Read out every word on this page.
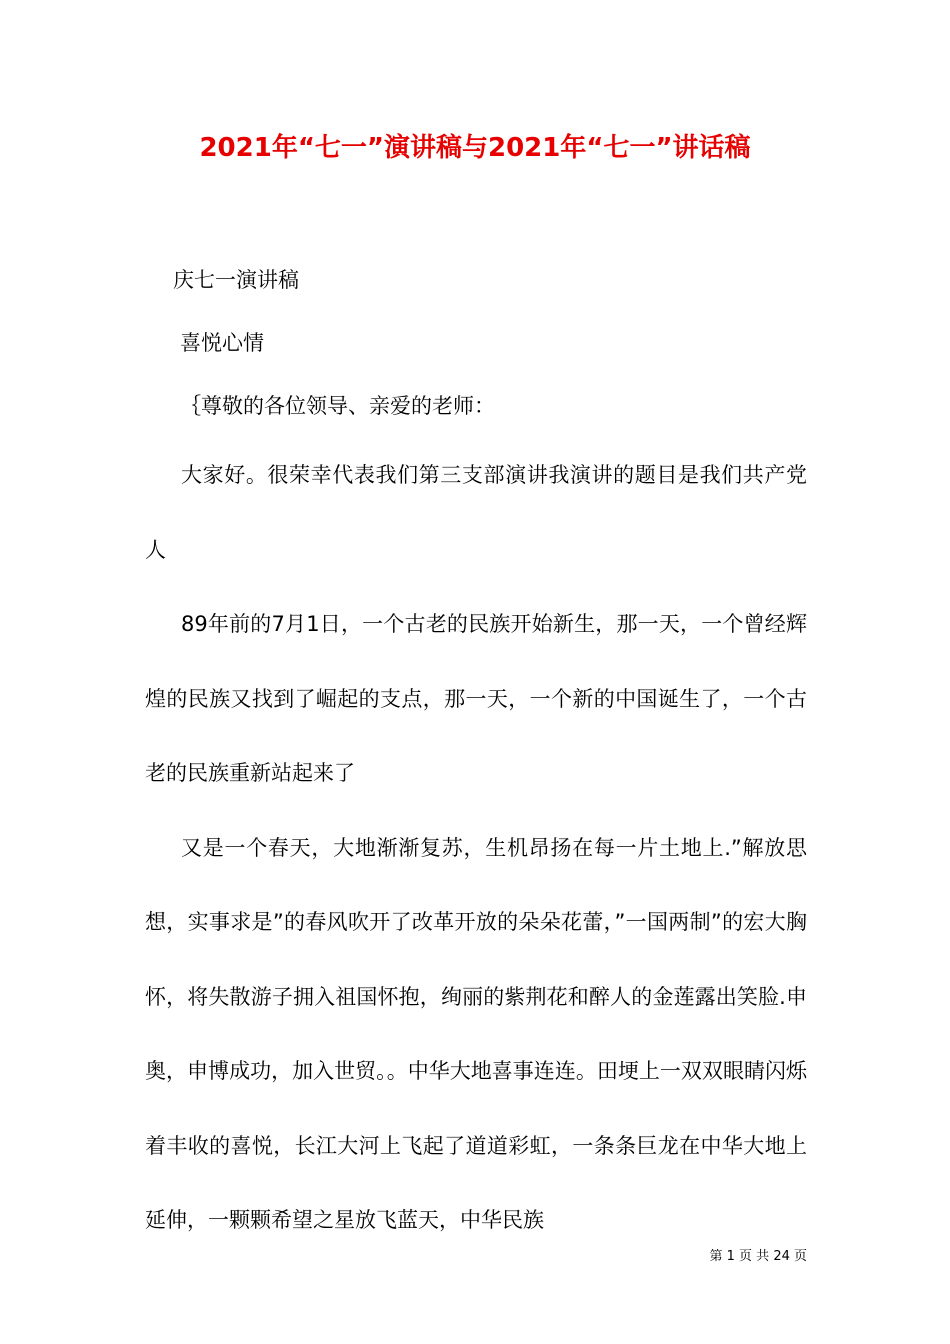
2021年“七一”演讲稿与2021年“七一”讲话稿

庆七一演讲稿

喜悦心情

｛尊敬的各位领导、亲爱的老师：

大家好。很荣幸代表我们第三支部演讲我演讲的题目是我们共产党人

89年前的7月1日，一个古老的民族开始新生，那一天，一个曾经辉煌的民族又找到了崛起的支点，那一天，一个新的中国诞生了，一个古老的民族重新站起来了

又是一个春天，大地渐渐复苏，生机昂扬在每一片土地上.”解放思想，实事求是”的春风吹开了改革开放的朵朵花蕾，”一国两制”的宏大胸怀，将失散游子拥入祖国怀抱，绚丽的紫荆花和醉人的金莲露出笑脸.申奥，申博成功，加入世贸。。中华大地喜事连连。田埂上一双双眼睛闪烁着丰收的喜悦，长江大河上飞起了道道彩虹，一条条巨龙在中华大地上延伸，一颗颗希望之星放飞蓝天，中华民族

第 1 页 共 24 页
